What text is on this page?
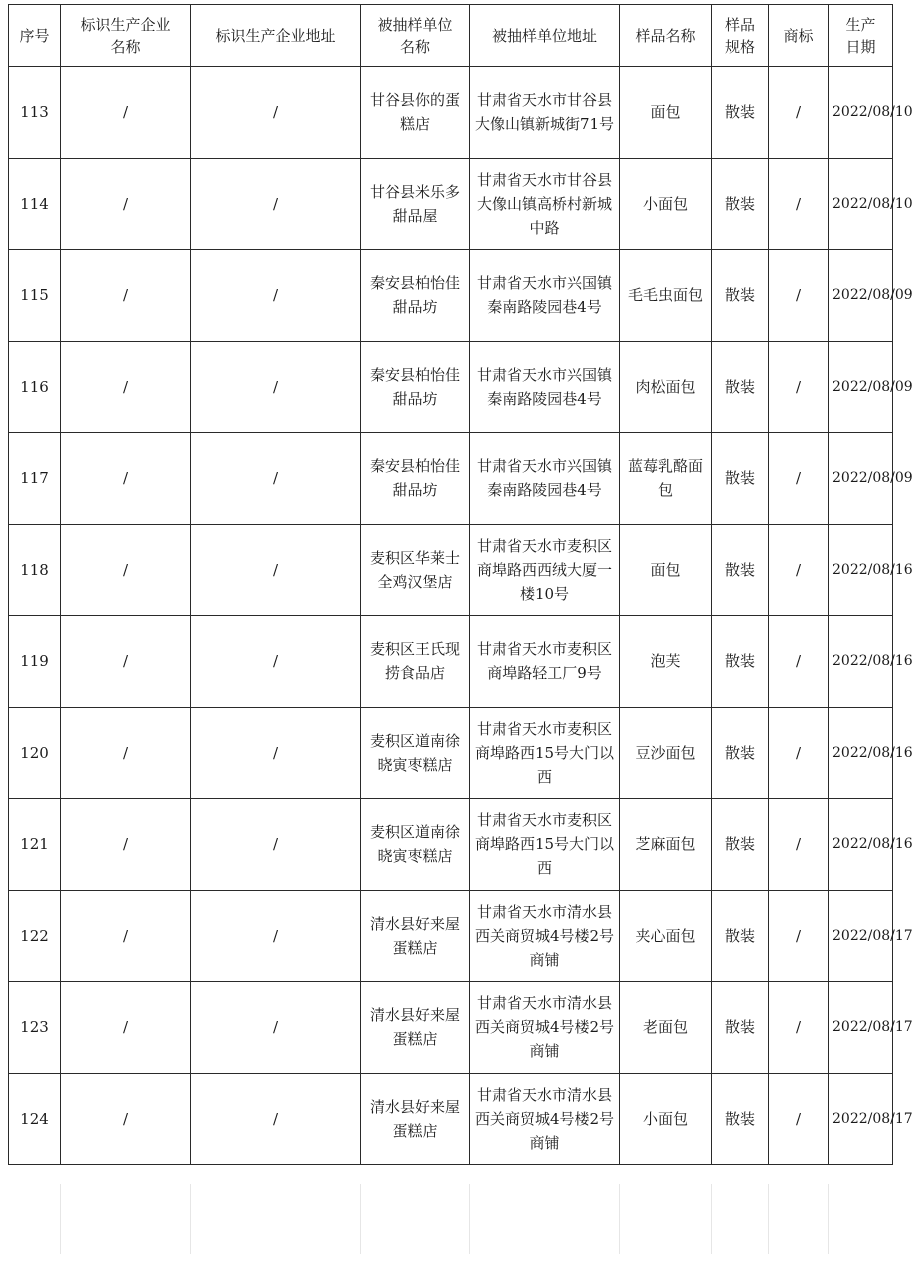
序号	标识生产企业名称	标识生产企业地址	被抽样单位名称	被抽样单位地址	样品名称	样品规格	商标	生产日期
113	/	/	甘谷县你的蛋糕店	甘肃省天水市甘谷县大像山镇新城街71号	面包	散装	/	2022/08/10
114	/	/	甘谷县米乐多甜品屋	甘肃省天水市甘谷县大像山镇高桥村新城中路	小面包	散装	/	2022/08/10
115	/	/	秦安县柏怡佳甜品坊	甘肃省天水市兴国镇秦南路陵园巷4号	毛毛虫面包	散装	/	2022/08/09
116	/	/	秦安县柏怡佳甜品坊	甘肃省天水市兴国镇秦南路陵园巷4号	肉松面包	散装	/	2022/08/09
117	/	/	秦安县柏怡佳甜品坊	甘肃省天水市兴国镇秦南路陵园巷4号	蓝莓乳酪面包	散装	/	2022/08/09
118	/	/	麦积区华莱士全鸡汉堡店	甘肃省天水市麦积区商埠路西西绒大厦一楼10号	面包	散装	/	2022/08/16
119	/	/	麦积区王氏现捞食品店	甘肃省天水市麦积区商埠路轻工厂9号	泡芙	散装	/	2022/08/16
120	/	/	麦积区道南徐晓寅枣糕店	甘肃省天水市麦积区商埠路西15号大门以西	豆沙面包	散装	/	2022/08/16
121	/	/	麦积区道南徐晓寅枣糕店	甘肃省天水市麦积区商埠路西15号大门以西	芝麻面包	散装	/	2022/08/16
122	/	/	清水县好来屋蛋糕店	甘肃省天水市清水县西关商贸城4号楼2号商铺	夹心面包	散装	/	2022/08/17
123	/	/	清水县好来屋蛋糕店	甘肃省天水市清水县西关商贸城4号楼2号商铺	老面包	散装	/	2022/08/17
124	/	/	清水县好来屋蛋糕店	甘肃省天水市清水县西关商贸城4号楼2号商铺	小面包	散装	/	2022/08/17
